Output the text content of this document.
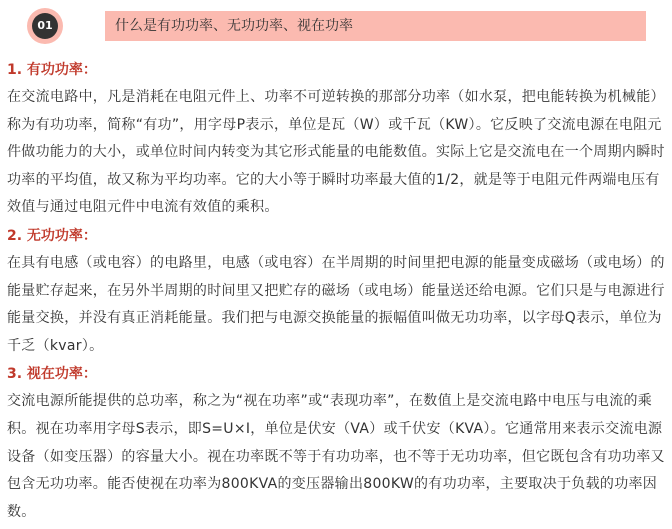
01	什么是有功功率、无功功率、视在功率
1. 有功功率：

在交流电路中，凡是消耗在电阻元件上、功率不可逆转换的那部分功率（如水泵，把电能转换为机械能）称为有功功率，简称“有功”，用字母P表示，单位是瓦（W）或千瓦（KW）。它反映了交流电源在电阻元件做功能力的大小，或单位时间内转变为其它形式能量的电能数值。实际上它是交流电在一个周期内瞬时功率的平均值，故又称为平均功率。它的大小等于瞬时功率最大值的1/2，就是等于电阻元件两端电压有效值与通过电阻元件中电流有效值的乘积。

2. 无功功率：

在具有电感（或电容）的电路里，电感（或电容）在半周期的时间里把电源的能量变成磁场（或电场）的能量贮存起来，在另外半周期的时间里又把贮存的磁场（或电场）能量送还给电源。它们只是与电源进行能量交换，并没有真正消耗能量。我们把与电源交换能量的振幅值叫做无功功率，以字母Q表示，单位为千乏（kvar）。

3. 视在功率：

交流电源所能提供的总功率，称之为“视在功率”或“表现功率”，在数值上是交流电路中电压与电流的乘积。视在功率用字母S表示，即S=U×I，单位是伏安（VA）或千伏安（KVA）。它通常用来表示交流电源设备（如变压器）的容量大小。视在功率既不等于有功功率，也不等于无功功率，但它既包含有功功率又包含无功功率。能否使视在功率为800KVA的变压器输出800KW的有功功率，主要取决于负载的功率因数。
